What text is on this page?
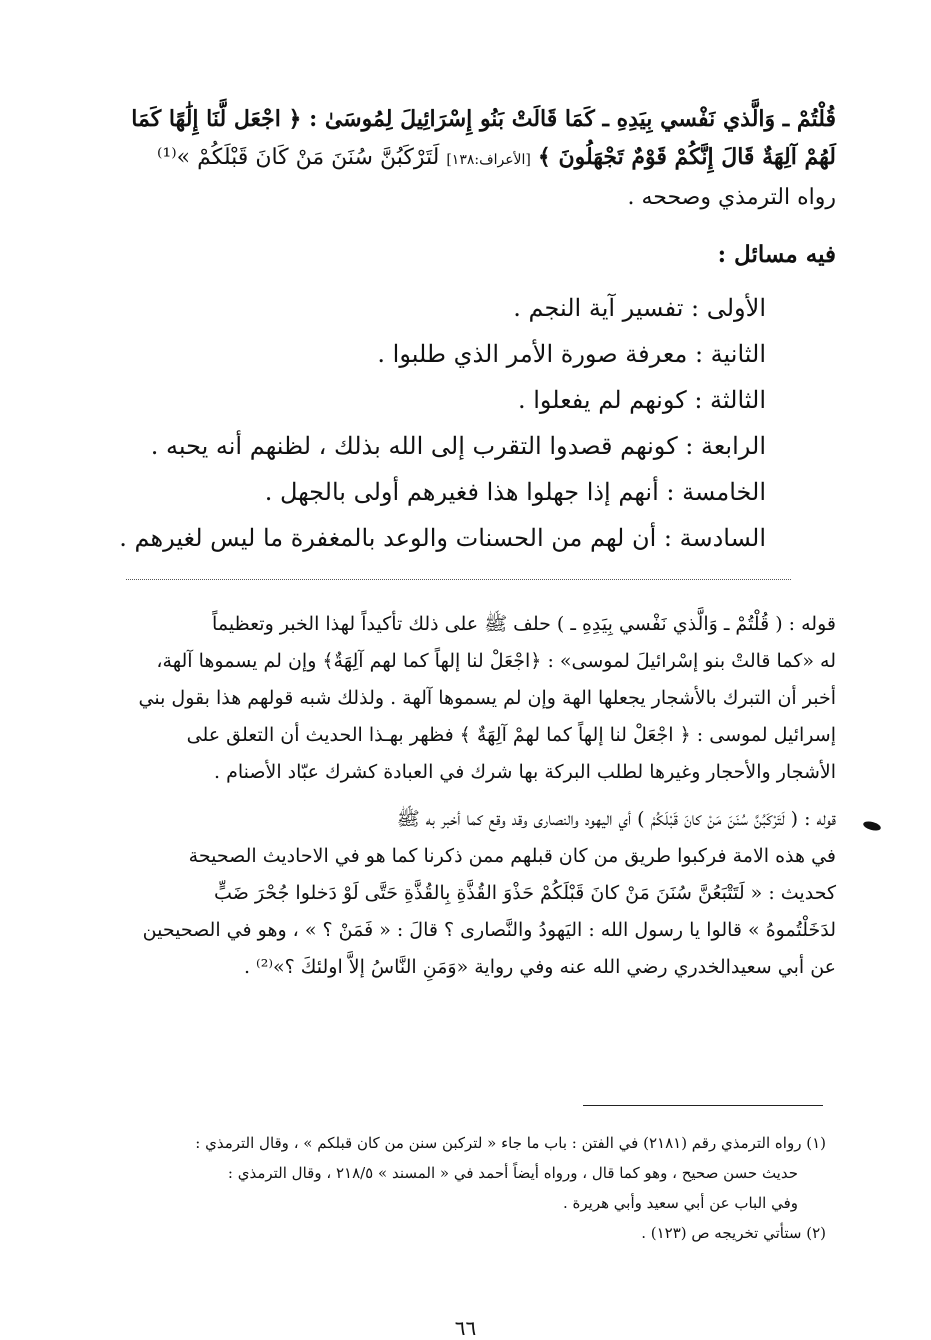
قُلْتُمْ ـ وَالَّذي نَفْسي بِيَدِهِ ـ كَمَا قَالَتْ بَنُو إِسْرَائِيلَ لِمُوسَىٰ : ﴿ اجْعَل لَّنَا إِلَٰهًا كَمَا
لَهُمْ آلِهَةٌ قَالَ إِنَّكُمْ قَوْمٌ تَجْهَلُونَ ﴾ [الأعراف:١٣٨] لَتَرْكَبُنَّ سُنَنَ مَنْ كَانَ قَبْلَكُمْ »⁽¹⁾
رواه الترمذي وصححه .
فيه مسائل :
الأولى : تفسير آية النجم .
الثانية : معرفة صورة الأمر الذي طلبوا .
الثالثة : كونهم لم يفعلوا .
الرابعة : كونهم قصدوا التقرب إلى الله بذلك ، لظنهم أنه يحبه .
الخامسة : أنهم إذا جهلوا هذا فغيرهم أولى بالجهل .
السادسة : أن لهم من الحسنات والوعد بالمغفرة ما ليس لغيرهم .
قوله : ( قُلْتُمْ ـ وَالَّذي نَفْسي بِيَدِهِ ـ ) حلف ﷺ على ذلك تأكيداً لهذا الخبر وتعظيماً
له «كما قالتْ بنو إسْرائيلَ لموسى» : ﴿اجْعَلْ لنا إلهاً كما لهم آلِهَةٌ﴾ وإن لم يسموها آلهة،
أخبر أن التبرك بالأشجار يجعلها الهة وإن لم يسموها آلهة . ولذلك شبه قولهم هذا بقول بني
إسرائيل لموسى : ﴿ اجْعَلْ لنا إلهاً كما لهمْ آلِهَةٌ ﴾ فظهر بهـذا الحديث أن التعلق على
الأشجار والأحجار وغيرها لطلب البركة بها شرك في العبادة كشرك عبّاد الأصنام .
قوله : ( لَتَرْكَبُنَّ سُنَنَ مَنْ كانَ قَبْلَكُمْ ) أي اليهود والنصارى وقد وقع كما أخبر به ﷺ
في هذه الامة فركبوا طريق من كان قبلهم ممن ذكرنا كما هو في الاحاديث الصحيحة
كحديث : « لَتَتْبَعُنَّ سُنَنَ مَنْ كانَ قَبْلَكُمْ حَذْوَ القُذَّةِ بِالقُذَّةِ حَتَّى لَوْ دَخلوا جُحْرَ ضَبٍّ
لدَخَلْتُموهُ » قالوا يا رسول الله : اليَهودُ والنَّصارى ؟ قالَ : « فَمَنْ ؟ » ، وهو في الصحيحين
عن أبي سعيدالخدري رضي الله عنه وفي رواية «وَمَنِ النَّاسُ إلاَّ اولئكَ ؟»⁽²⁾ .
(١) رواه الترمذي رقم (٢١٨١) في الفتن : باب ما جاء « لتركبن سنن من كان قبلكم » ، وقال الترمذي :
حديث حسن صحيح ، وهو كما قال ، ورواه أيضاً أحمد في « المسند » ٢١٨/٥ ، وقال الترمذي :
وفي الباب عن أبي سعيد وأبي هريرة .
(٢) ستأتي تخريجه ص (١٢٣) .
٦٦
